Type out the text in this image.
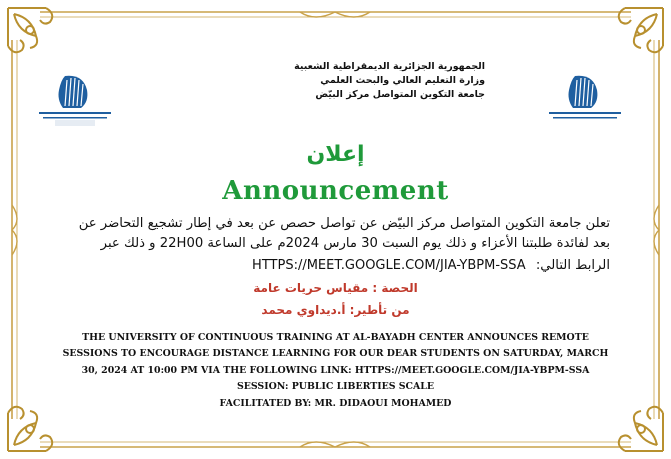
الجمهورية الجزائرية الديمقراطية الشعبية
وزارة التعليم العالي والبحث العلمي
جامعة التكوين المتواصل مركز البيّض
إعلان
Announcement
تعلن جامعة التكوين المتواصل مركز البيّض عن تواصل حصص عن بعد في إطار تشجيع التحاضر عن
بعد لفائدة طلبتنا الأعزاء و ذلك يوم السبت 30 مارس 2024م على الساعة 22H00 و ذلك عبر
الرابط التالي: HTTPS://MEET.GOOGLE.COM/JIA-YBPM-SSA
الحصة : مقياس حريات عامة
من تأطير: أ.ديداوي محمد
THE UNIVERSITY OF CONTINUOUS TRAINING AT AL-BAYADH CENTER ANNOUNCES REMOTE
SESSIONS TO ENCOURAGE DISTANCE LEARNING FOR OUR DEAR STUDENTS ON SATURDAY, MARCH
30, 2024 AT 10:00 PM VIA THE FOLLOWING LINK: HTTPS://MEET.GOOGLE.COM/JIA-YBPM-SSA
SESSION: PUBLIC LIBERTIES SCALE
FACILITATED BY: MR. DIDAOUI MOHAMED
